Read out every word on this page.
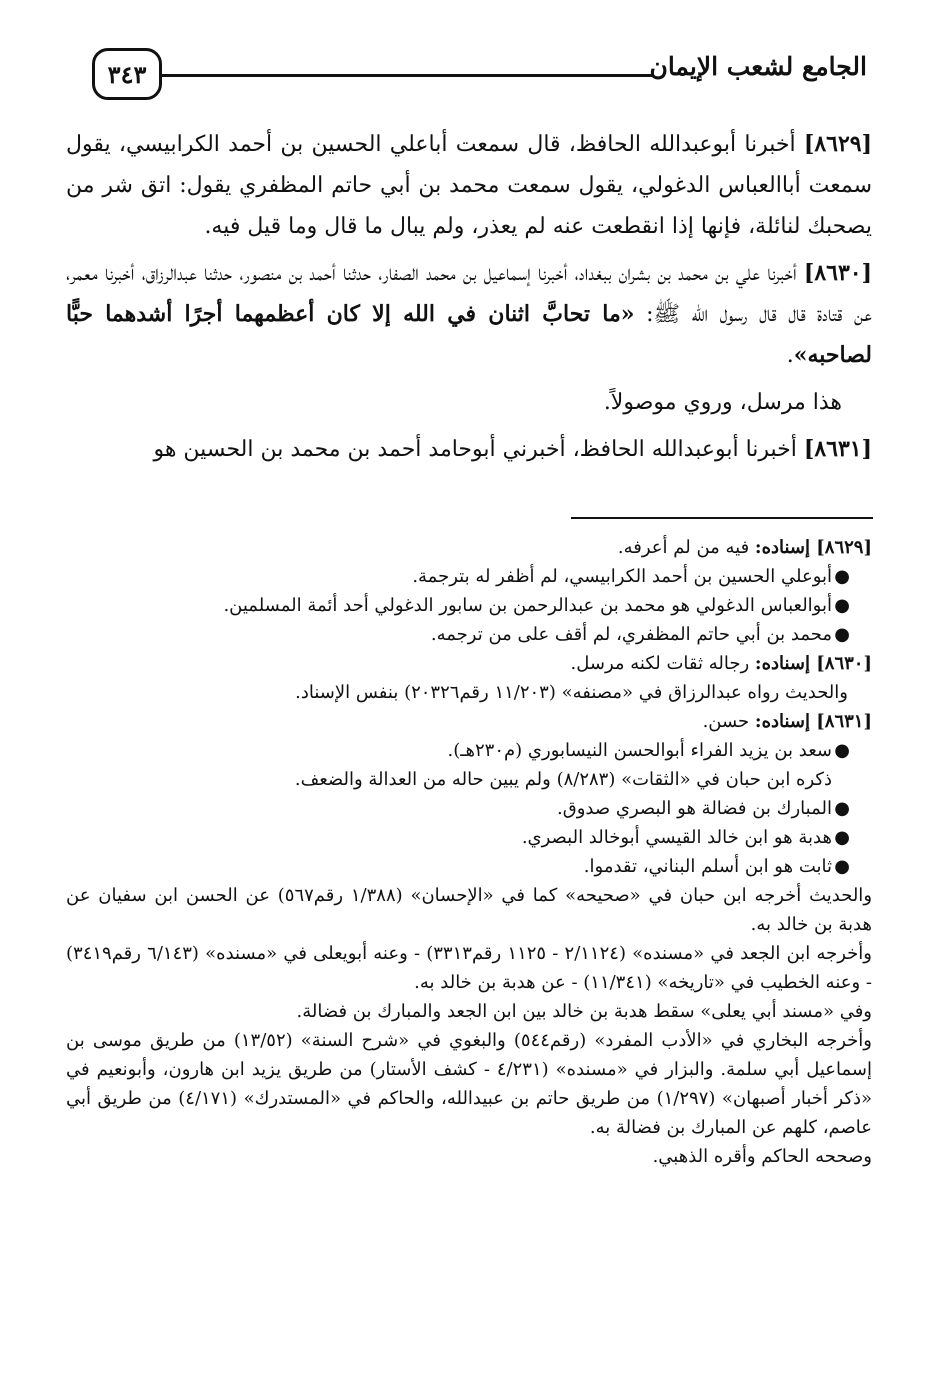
٣٤٣	الجامع لشعب الإيمان

[٨٦٢٩] أخبرنا أبوعبدالله الحافظ، قال سمعت أباعلي الحسين بن أحمد الكرابيسي، يقول سمعت أباالعباس الدغولي، يقول سمعت محمد بن أبي حاتم المظفري يقول: اتق شر من يصحبك لنائلة، فإنها إذا انقطعت عنه لم يعذر، ولم يبال ما قال وما قيل فيه.

[٨٦٣٠] أخبرنا علي بن محمد بن بشران ببغداد، أخبرنا إسماعيل بن محمد الصفار، حدثنا أحمد بن منصور، حدثنا عبدالرزاق، أخبرنا معمر، عن قتادة قال قال رسول الله ﷺ: «ما تحابَّ اثنان في الله إلا كان أعظمهما أجرًا أشدهما حبًّا لصاحبه».

هذا مرسل، وروي موصولاً.

[٨٦٣١] أخبرنا أبوعبدالله الحافظ، أخبرني أبوحامد أحمد بن محمد بن الحسين هو

[٨٦٢٩] إسناده: فيه من لم أعرفه.

●
أبوعلي الحسين بن أحمد الكرابيسي، لم أظفر له بترجمة.

●
أبوالعباس الدغولي هو محمد بن عبدالرحمن بن سابور الدغولي أحد أئمة المسلمين.

●
محمد بن أبي حاتم المظفري، لم أقف على من ترجمه.

[٨٦٣٠] إسناده: رجاله ثقات لكنه مرسل.

والحديث رواه عبدالرزاق في «مصنفه» (١١/٢٠٣ رقم٢٠٣٢٦) بنفس الإسناد.

[٨٦٣١] إسناده: حسن.

●
سعد بن يزيد الفراء أبوالحسن النيسابوري (م٢٣٠هـ).

ذكره ابن حبان في «الثقات» (٨/٢٨٣) ولم يبين حاله من العدالة والضعف.

●
المبارك بن فضالة هو البصري صدوق.

●
هدبة هو ابن خالد القيسي أبوخالد البصري.

●
ثابت هو ابن أسلم البناني، تقدموا.

والحديث أخرجه ابن حبان في «صحيحه» كما في «الإحسان» (١/٣٨٨ رقم٥٦٧) عن الحسن ابن سفيان عن هدبة بن خالد به.

وأخرجه ابن الجعد في «مسنده» (٢/١١٢٤ - ١١٢٥ رقم٣٣١٣) - وعنه أبويعلى في «مسنده» (٦/١٤٣ رقم٣٤١٩) - وعنه الخطيب في «تاريخه» (١١/٣٤١) - عن هدبة بن خالد به.

وفي «مسند أبي يعلى» سقط هدبة بن خالد بين ابن الجعد والمبارك بن فضالة.

وأخرجه البخاري في «الأدب المفرد» (رقم٥٤٤) والبغوي في «شرح السنة» (١٣/٥٢) من طريق موسى بن إسماعيل أبي سلمة. والبزار في «مسنده» (٤/٢٣١ - كشف الأستار) من طريق يزيد ابن هارون، وأبونعيم في «ذكر أخبار أصبهان» (١/٢٩٧) من طريق حاتم بن عبيدالله، والحاكم في «المستدرك» (٤/١٧١) من طريق أبي عاصم، كلهم عن المبارك بن فضالة به.

وصححه الحاكم وأقره الذهبي.
